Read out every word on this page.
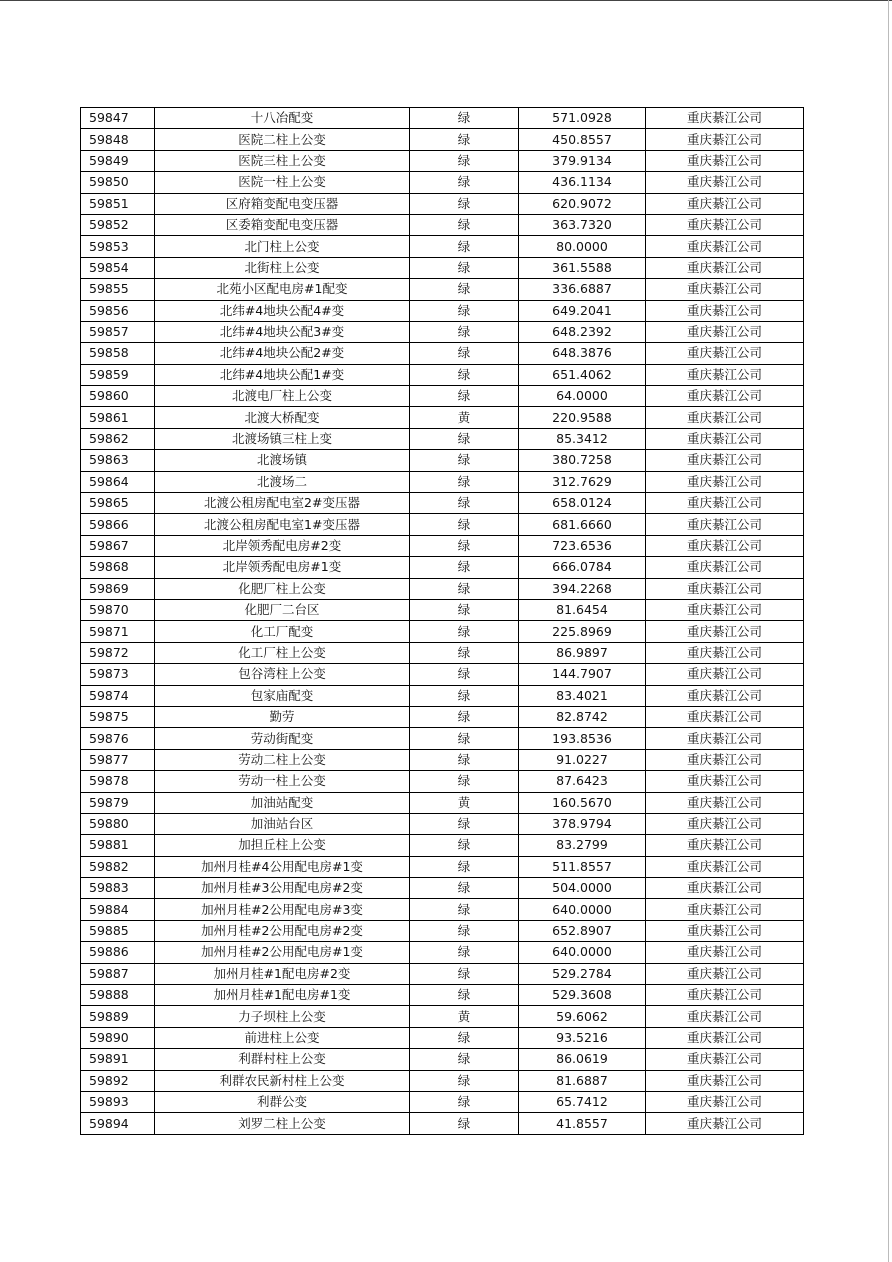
59847	十八冶配变	绿	571.0928	重庆綦江公司
59848	医院二柱上公变	绿	450.8557	重庆綦江公司
59849	医院三柱上公变	绿	379.9134	重庆綦江公司
59850	医院一柱上公变	绿	436.1134	重庆綦江公司
59851	区府箱变配电变压器	绿	620.9072	重庆綦江公司
59852	区委箱变配电变压器	绿	363.7320	重庆綦江公司
59853	北门柱上公变	绿	80.0000	重庆綦江公司
59854	北街柱上公变	绿	361.5588	重庆綦江公司
59855	北苑小区配电房#1配变	绿	336.6887	重庆綦江公司
59856	北纬#4地块公配4#变	绿	649.2041	重庆綦江公司
59857	北纬#4地块公配3#变	绿	648.2392	重庆綦江公司
59858	北纬#4地块公配2#变	绿	648.3876	重庆綦江公司
59859	北纬#4地块公配1#变	绿	651.4062	重庆綦江公司
59860	北渡电厂柱上公变	绿	64.0000	重庆綦江公司
59861	北渡大桥配变	黄	220.9588	重庆綦江公司
59862	北渡场镇三柱上变	绿	85.3412	重庆綦江公司
59863	北渡场镇	绿	380.7258	重庆綦江公司
59864	北渡场二	绿	312.7629	重庆綦江公司
59865	北渡公租房配电室2#变压器	绿	658.0124	重庆綦江公司
59866	北渡公租房配电室1#变压器	绿	681.6660	重庆綦江公司
59867	北岸领秀配电房#2变	绿	723.6536	重庆綦江公司
59868	北岸领秀配电房#1变	绿	666.0784	重庆綦江公司
59869	化肥厂柱上公变	绿	394.2268	重庆綦江公司
59870	化肥厂二台区	绿	81.6454	重庆綦江公司
59871	化工厂配变	绿	225.8969	重庆綦江公司
59872	化工厂柱上公变	绿	86.9897	重庆綦江公司
59873	包谷湾柱上公变	绿	144.7907	重庆綦江公司
59874	包家庙配变	绿	83.4021	重庆綦江公司
59875	勤劳	绿	82.8742	重庆綦江公司
59876	劳动街配变	绿	193.8536	重庆綦江公司
59877	劳动二柱上公变	绿	91.0227	重庆綦江公司
59878	劳动一柱上公变	绿	87.6423	重庆綦江公司
59879	加油站配变	黄	160.5670	重庆綦江公司
59880	加油站台区	绿	378.9794	重庆綦江公司
59881	加担丘柱上公变	绿	83.2799	重庆綦江公司
59882	加州月桂#4公用配电房#1变	绿	511.8557	重庆綦江公司
59883	加州月桂#3公用配电房#2变	绿	504.0000	重庆綦江公司
59884	加州月桂#2公用配电房#3变	绿	640.0000	重庆綦江公司
59885	加州月桂#2公用配电房#2变	绿	652.8907	重庆綦江公司
59886	加州月桂#2公用配电房#1变	绿	640.0000	重庆綦江公司
59887	加州月桂#1配电房#2变	绿	529.2784	重庆綦江公司
59888	加州月桂#1配电房#1变	绿	529.3608	重庆綦江公司
59889	力子坝柱上公变	黄	59.6062	重庆綦江公司
59890	前进柱上公变	绿	93.5216	重庆綦江公司
59891	利群村柱上公变	绿	86.0619	重庆綦江公司
59892	利群农民新村柱上公变	绿	81.6887	重庆綦江公司
59893	利群公变	绿	65.7412	重庆綦江公司
59894	刘罗二柱上公变	绿	41.8557	重庆綦江公司
